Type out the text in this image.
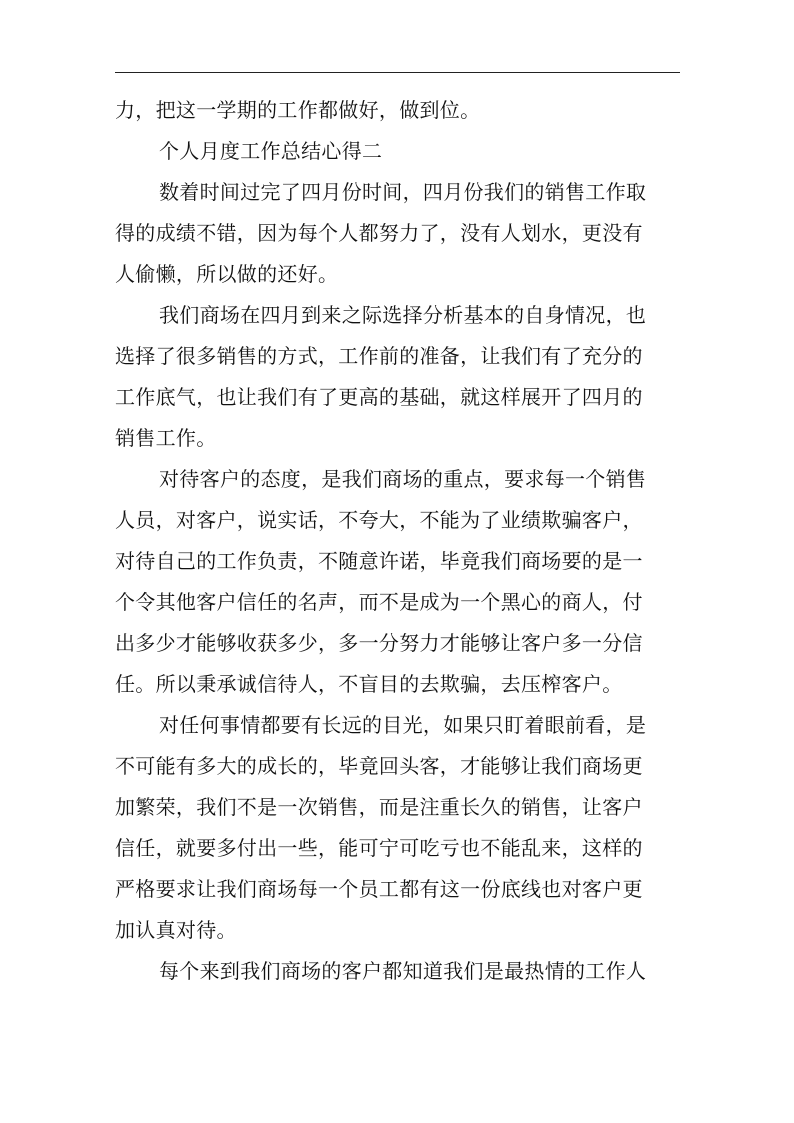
力，把这一学期的工作都做好，做到位。
个人月度工作总结心得二
数着时间过完了四月份时间，四月份我们的销售工作取
得的成绩不错，因为每个人都努力了，没有人划水，更没有
人偷懒，所以做的还好。
我们商场在四月到来之际选择分析基本的自身情况，也
选择了很多销售的方式，工作前的准备，让我们有了充分的
工作底气，也让我们有了更高的基础，就这样展开了四月的
销售工作。
对待客户的态度，是我们商场的重点，要求每一个销售
人员，对客户，说实话，不夸大，不能为了业绩欺骗客户，
对待自己的工作负责，不随意许诺，毕竟我们商场要的是一
个令其他客户信任的名声，而不是成为一个黑心的商人，付
出多少才能够收获多少，多一分努力才能够让客户多一分信
任。所以秉承诚信待人，不盲目的去欺骗，去压榨客户。
对任何事情都要有长远的目光，如果只盯着眼前看，是
不可能有多大的成长的，毕竟回头客，才能够让我们商场更
加繁荣，我们不是一次销售，而是注重长久的销售，让客户
信任，就要多付出一些，能可宁可吃亏也不能乱来，这样的
严格要求让我们商场每一个员工都有这一份底线也对客户更
加认真对待。
每个来到我们商场的客户都知道我们是最热情的工作人
